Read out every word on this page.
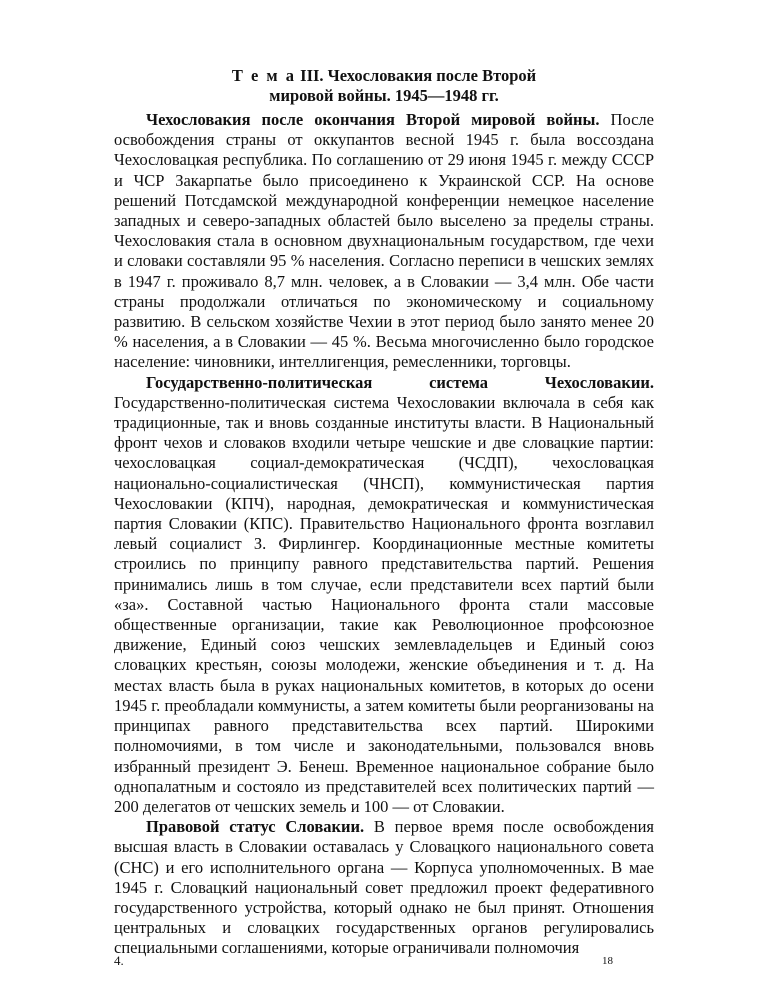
Т е м а III. Чехословакия после Второй
мировой войны. 1945—1948 гг.

Чехословакия после окончания Второй мировой войны. После освобождения страны от оккупантов весной 1945 г. была воссоздана Чехословацкая республика. По соглашению от 29 июня 1945 г. между СССР и ЧСР Закарпатье было присоединено к Украинской ССР. На основе решений Потсдамской международной конференции немецкое население западных и северо-западных областей было выселено за пределы страны. Чехословакия стала в основном двухнациональным государством, где чехи и словаки составляли 95 % населения. Согласно переписи в чешских землях в 1947 г. проживало 8,7 млн. человек, а в Словакии — 3,4 млн. Обе части страны продолжали отличаться по экономическому и социальному развитию. В сельском хозяйстве Чехии в этот период было занято менее 20 % населения, а в Словакии — 45 %. Весьма многочисленно было городское население: чиновники, интеллигенция, ремесленники, торговцы.

Государственно-политическая система Чехословакии. Государственно-политическая система Чехословакии включала в себя как традиционные, так и вновь созданные институты власти. В Национальный фронт чехов и словаков входили четыре чешские и две словацкие партии: чехословацкая социал-демократическая (ЧСДП), чехословацкая национально-социалистическая (ЧНСП), коммунистическая партия Чехословакии (КПЧ), народная, демократическая и коммунистическая партия Словакии (КПС). Правительство Национального фронта возглавил левый социалист З. Фирлингер. Координационные местные комитеты строились по принципу равного представительства партий. Решения принимались лишь в том случае, если представители всех партий были «за». Составной частью Национального фронта стали массовые общественные организации, такие как Революционное профсоюзное движение, Единый союз чешских землевладельцев и Единый союз словацких крестьян, союзы молодежи, женские объединения и т. д. На местах власть была в руках национальных комитетов, в которых до осени 1945 г. преобладали коммунисты, а затем комитеты были реорганизованы на принципах равного представительства всех партий. Широкими полномочиями, в том числе и законодательными, пользовался вновь избранный президент Э. Бенеш. Временное национальное собрание было однопалатным и состояло из представителей всех политических партий — 200 делегатов от чешских земель и 100 — от Словакии.

Правовой статус Словакии. В первое время после освобождения высшая власть в Словакии оставалась у Словацкого национального совета (СНС) и его исполнительного органа — Корпуса уполномоченных. В мае 1945 г. Словацкий национальный совет предложил проект федеративного государственного устройства, который однако не был принят. Отношения центральных и словацких государственных органов регулировались специальными соглашениями, которые ограничивали полномочия

4.	18
